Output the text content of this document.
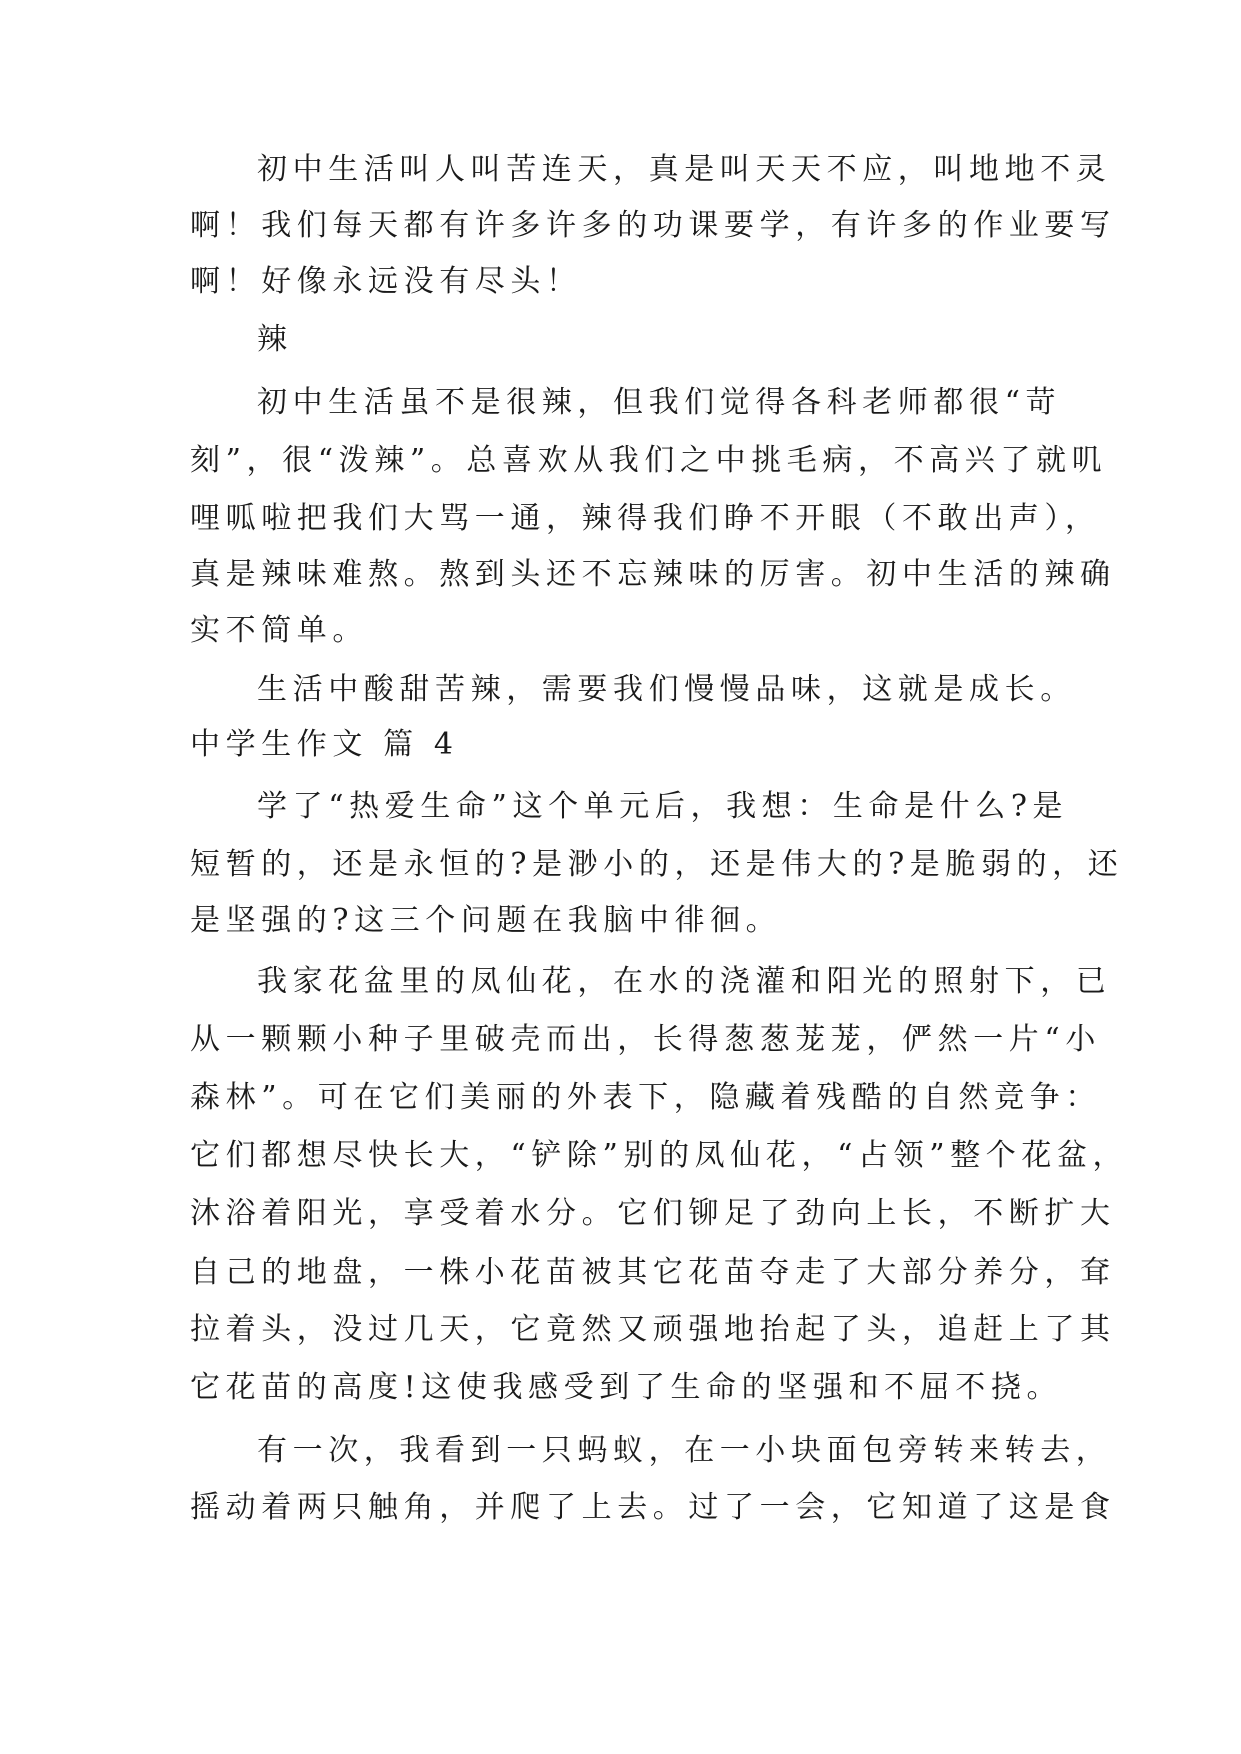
初中生活叫人叫苦连天，真是叫天天不应，叫地地不灵
啊！我们每天都有许多许多的功课要学，有许多的作业要写
啊！好像永远没有尽头！
辣
初中生活虽不是很辣，但我们觉得各科老师都很“苛
刻”，很“泼辣”。总喜欢从我们之中挑毛病，不高兴了就叽
哩呱啦把我们大骂一通，辣得我们睁不开眼（不敢出声），
真是辣味难熬。熬到头还不忘辣味的厉害。初中生活的辣确
实不简单。
生活中酸甜苦辣，需要我们慢慢品味，这就是成长。
中学生作文 篇 4
学了“热爱生命”这个单元后，我想：生命是什么?是
短暂的，还是永恒的?是渺小的，还是伟大的?是脆弱的，还
是坚强的?这三个问题在我脑中徘徊。
我家花盆里的凤仙花，在水的浇灌和阳光的照射下，已
从一颗颗小种子里破壳而出，长得葱葱茏茏，俨然一片“小
森林”。可在它们美丽的外表下，隐藏着残酷的自然竞争：
它们都想尽快长大，“铲除”别的凤仙花，“占领”整个花盆，
沐浴着阳光，享受着水分。它们铆足了劲向上长，不断扩大
自己的地盘，一株小花苗被其它花苗夺走了大部分养分，耷
拉着头，没过几天，它竟然又顽强地抬起了头，追赶上了其
它花苗的高度!这使我感受到了生命的坚强和不屈不挠。
有一次，我看到一只蚂蚁，在一小块面包旁转来转去，
摇动着两只触角，并爬了上去。过了一会，它知道了这是食
